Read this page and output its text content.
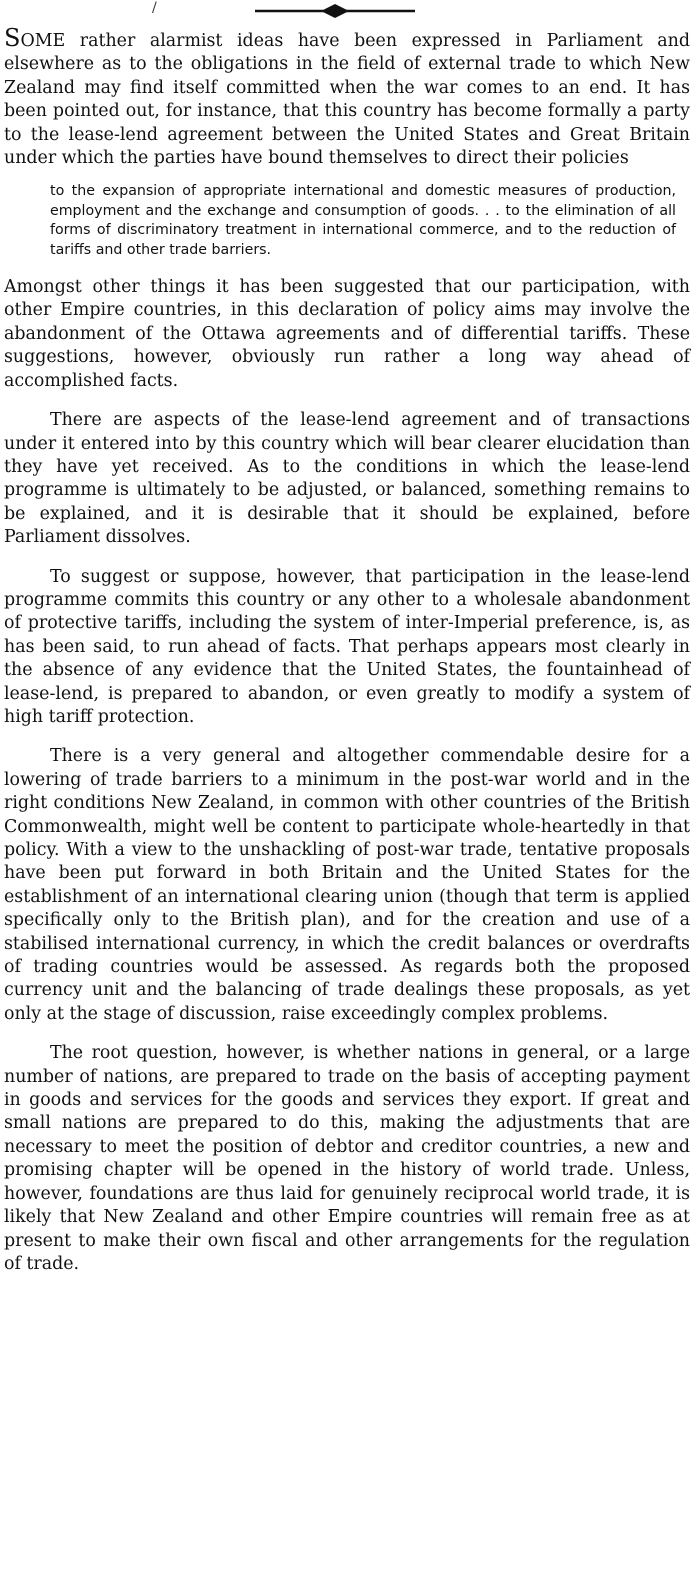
/

SOME rather alarmist ideas have been expressed in Parliament and elsewhere as to the obligations in the field of external trade to which New Zealand may find itself committed when the war comes to an end. It has been pointed out, for instance, that this country has become formally a party to the lease-lend agreement between the United States and Great Britain under which the parties have bound themselves to direct their policies

to the expansion of appropriate international and domestic measures of production, employment and the exchange and consumption of goods. . . to the elimination of all forms of discriminatory treatment in international commerce, and to the reduction of tariffs and other trade barriers.

Amongst other things it has been suggested that our participation, with other Empire countries, in this declaration of policy aims may involve the abandonment of the Ottawa agreements and of differential tariffs. These suggestions, however, obviously run rather a long way ahead of accomplished facts.

There are aspects of the lease-lend agreement and of transactions under it entered into by this country which will bear clearer elucidation than they have yet received. As to the conditions in which the lease-lend programme is ultimately to be adjusted, or balanced, something remains to be explained, and it is desirable that it should be explained, before Parliament dissolves.

To suggest or suppose, however, that participation in the lease-lend programme commits this country or any other to a wholesale abandonment of protective tariffs, including the system of inter-Imperial preference, is, as has been said, to run ahead of facts. That perhaps appears most clearly in the absence of any evidence that the United States, the fountainhead of lease-lend, is prepared to abandon, or even greatly to modify a system of high tariff protection.

There is a very general and altogether commendable desire for a lowering of trade barriers to a minimum in the post-war world and in the right conditions New Zealand, in common with other countries of the British Commonwealth, might well be content to participate whole-heartedly in that policy. With a view to the unshackling of post-war trade, tentative proposals have been put forward in both Britain and the United States for the establishment of an international clearing union (though that term is applied specifically only to the British plan), and for the creation and use of a stabilised international currency, in which the credit balances or overdrafts of trading countries would be assessed. As regards both the proposed currency unit and the balancing of trade dealings these proposals, as yet only at the stage of discussion, raise exceedingly complex problems.

The root question, however, is whether nations in general, or a large number of nations, are prepared to trade on the basis of accepting payment in goods and services for the goods and services they export. If great and small nations are prepared to do this, making the adjustments that are necessary to meet the position of debtor and creditor countries, a new and promising chapter will be opened in the history of world trade. Unless, however, foundations are thus laid for genuinely reciprocal world trade, it is likely that New Zealand and other Empire countries will remain free as at present to make their own fiscal and other arrangements for the regulation of trade.
